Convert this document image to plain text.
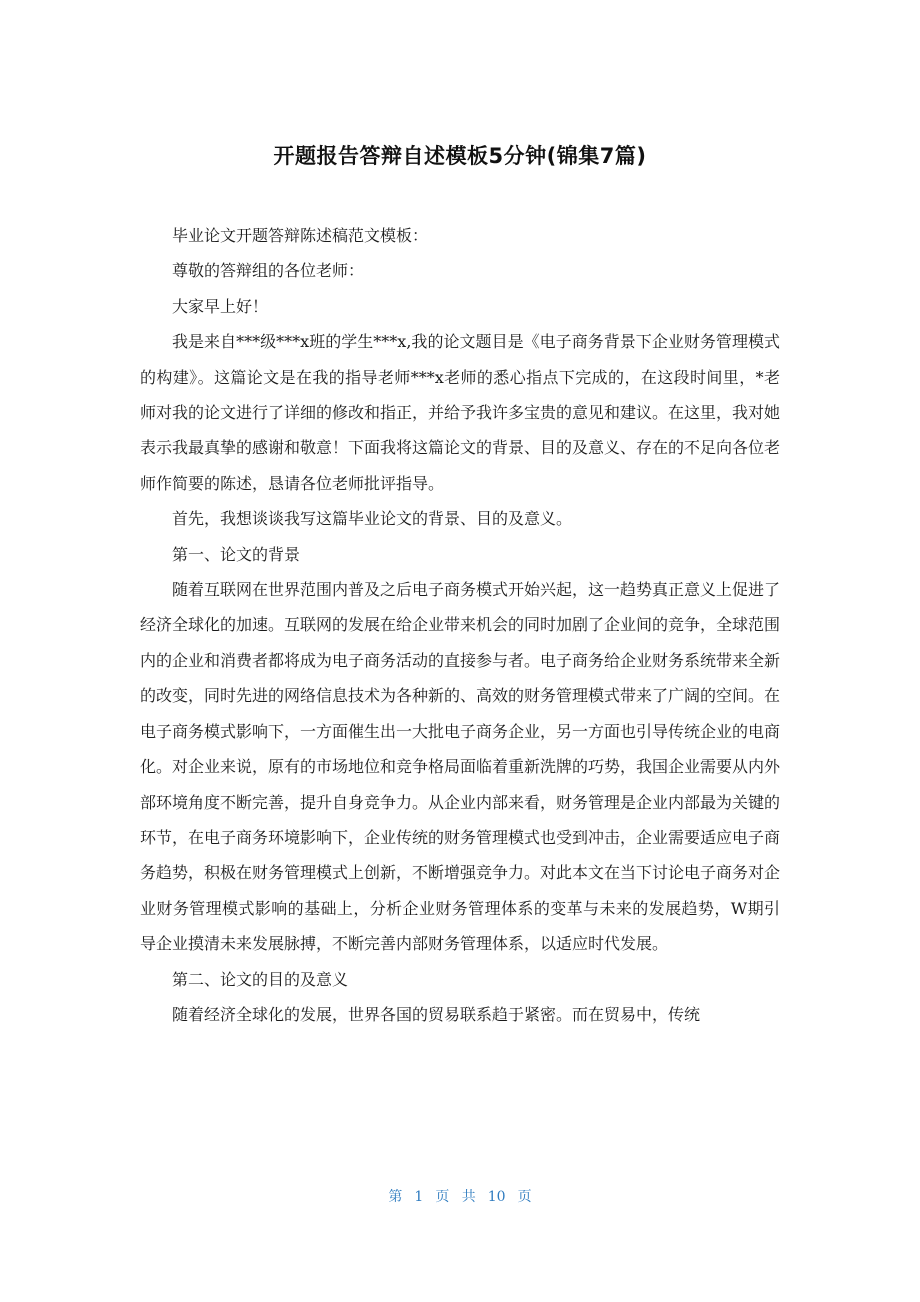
开题报告答辩自述模板5分钟(锦集7篇)

毕业论文开题答辩陈述稿范文模板：

尊敬的答辩组的各位老师：

大家早上好！

我是来自***级***x班的学生***x,我的论文题目是《电子商务背景下企业财务管理模式的构建》。这篇论文是在我的指导老师***x老师的悉心指点下完成的，在这段时间里，*老师对我的论文进行了详细的修改和指正，并给予我许多宝贵的意见和建议。在这里，我对她表示我最真挚的感谢和敬意！下面我将这篇论文的背景、目的及意义、存在的不足向各位老师作简要的陈述，恳请各位老师批评指导。

首先，我想谈谈我写这篇毕业论文的背景、目的及意义。

第一、论文的背景

随着互联网在世界范围内普及之后电子商务模式开始兴起，这一趋势真正意义上促进了经济全球化的加速。互联网的发展在给企业带来机会的同时加剧了企业间的竞争，全球范围内的企业和消费者都将成为电子商务活动的直接参与者。电子商务给企业财务系统带来全新的改变，同时先进的网络信息技术为各种新的、高效的财务管理模式带来了广阔的空间。在电子商务模式影响下，一方面催生出一大批电子商务企业，另一方面也引导传统企业的电商化。对企业来说，原有的市场地位和竞争格局面临着重新洗牌的巧势，我国企业需要从内外部环境角度不断完善，提升自身竞争力。从企业内部来看，财务管理是企业内部最为关键的环节，在电子商务环境影响下，企业传统的财务管理模式也受到冲击，企业需要适应电子商务趋势，积极在财务管理模式上创新，不断增强竞争力。对此本文在当下讨论电子商务对企业财务管理模式影响的基础上，分析企业财务管理体系的变革与未来的发展趋势，W期引导企业摸清未来发展脉搏，不断完善内部财务管理体系，以适应时代发展。

第二、论文的目的及意义

随着经济全球化的发展，世界各国的贸易联系趋于紧密。而在贸易中，传统

第 1 页 共 10 页
